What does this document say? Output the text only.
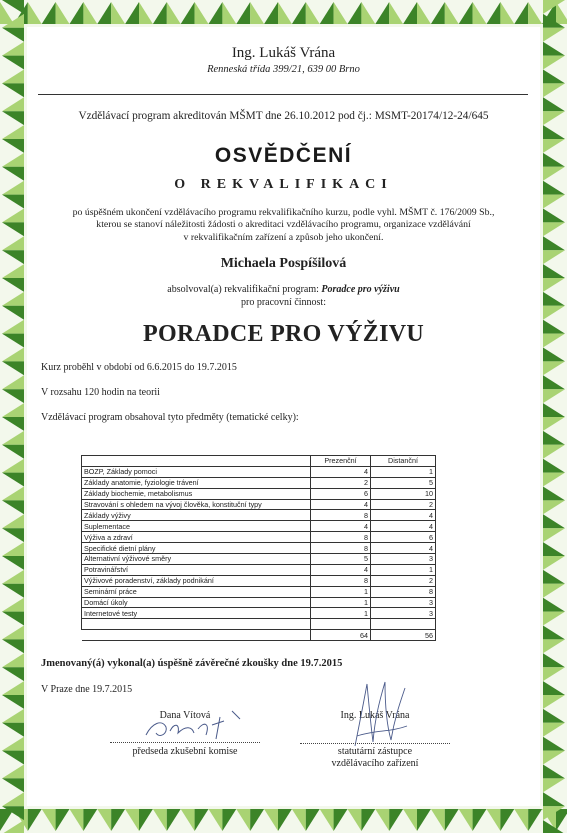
Ing. Lukáš Vrána
Renneská třída 399/21, 639 00 Brno
Vzdělávací program akreditován MŠMT dne 26.10.2012 pod čj.: MSMT-20174/12-24/645
OSVĚDČENÍ
O REKVALIFIKACI
po úspěšném ukončení vzdělávacího programu rekvalifikačního kurzu, podle vyhl. MŠMT č. 176/2009 Sb.,
kterou se stanoví náležitosti žádosti o akreditaci vzdělávacího programu, organizace vzdělávání
v rekvalifikačním zařízení a způsob jeho ukončení.
Michaela Pospíšilová
absolvoval(a) rekvalifikační program: Poradce pro výživu
pro pracovní činnost:
PORADCE PRO VÝŽIVU
Kurz proběhl v období od 6.6.2015 do 19.7.2015
V rozsahu 120 hodin na teorii
Vzdělávací program obsahoval tyto předměty (tematické celky):
	Prezenční	Distanční
BOZP, Základy pomoci	4	1
Základy anatomie, fyziologie trávení	2	5
Základy biochemie, metabolismus	6	10
Stravování s ohledem na vývoj člověka, konstituční typy	4	2
Základy výživy	8	4
Suplementace	4	4
Výživa a zdraví	8	6
Specifické dietní plány	8	4
Alternativní výživové směry	5	3
Potravinářství	4	1
Výživové poradenství, základy podnikání	8	2
Seminární práce	1	8
Domácí úkoly	1	3
Internetové testy	1	3

	64	56
Jmenovaný(á) vykonal(a) úspěšně závěrečné zkoušky dne 19.7.2015
V Praze dne 19.7.2015
Dana Vítová
předseda zkušební komise
Ing. Lukáš Vrána
statutární zástupce
vzdělávacího zařízení
